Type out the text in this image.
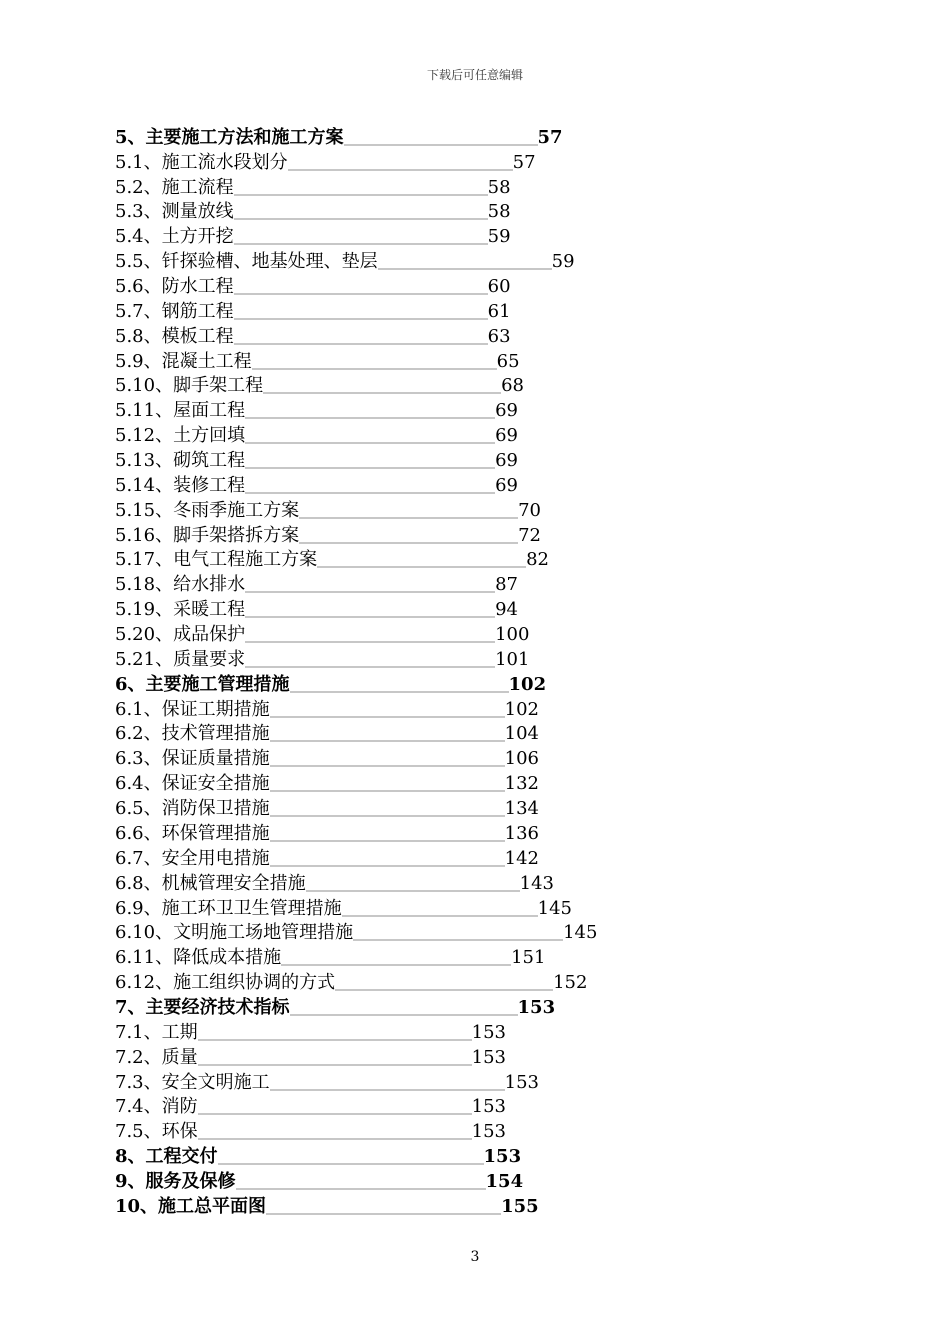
下载后可任意编辑
5、主要施工方法和施工方案	57
5.1、施工流水段划分	57
5.2、施工流程	58
5.3、测量放线	58
5.4、土方开挖	59
5.5、钎探验槽、地基处理、垫层	59
5.6、防水工程	60
5.7、钢筋工程	61
5.8、模板工程	63
5.9、混凝土工程	65
5.10、脚手架工程	68
5.11、屋面工程	69
5.12、土方回填	69
5.13、砌筑工程	69
5.14、装修工程	69
5.15、冬雨季施工方案	70
5.16、脚手架搭拆方案	72
5.17、电气工程施工方案	82
5.18、给水排水	87
5.19、采暖工程	94
5.20、成品保护	100
5.21、质量要求	101
6、主要施工管理措施	102
6.1、保证工期措施	102
6.2、技术管理措施	104
6.3、保证质量措施	106
6.4、保证安全措施	132
6.5、消防保卫措施	134
6.6、环保管理措施	136
6.7、安全用电措施	142
6.8、机械管理安全措施	143
6.9、施工环卫卫生管理措施	145
6.10、文明施工场地管理措施	145
6.11、降低成本措施	151
6.12、施工组织协调的方式	152
7、主要经济技术指标	153
7.1、工期	153
7.2、质量	153
7.3、安全文明施工	153
7.4、消防	153
7.5、环保	153
8、工程交付	153
9、服务及保修	154
10、施工总平面图	155
3
